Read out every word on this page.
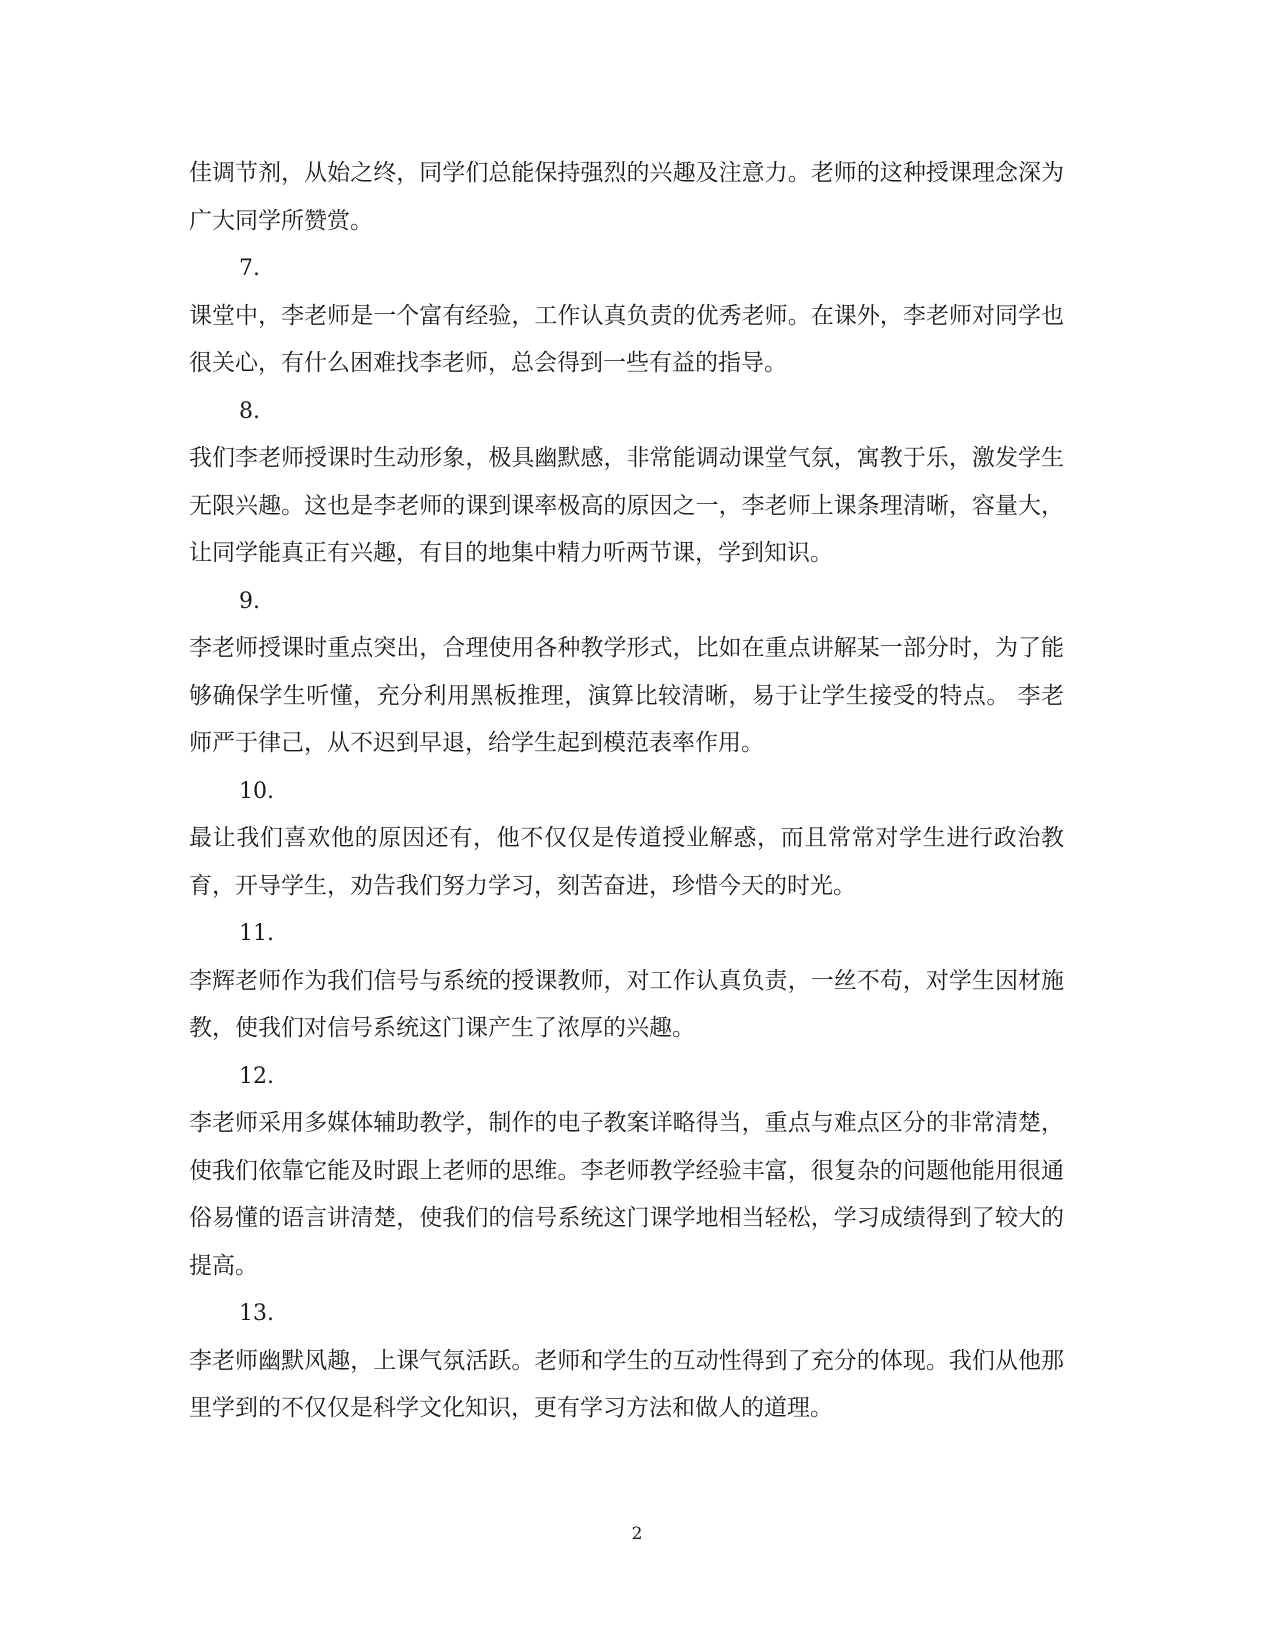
佳调节剂，从始之终，同学们总能保持强烈的兴趣及注意力。老师的这种授课理念深为广大同学所赞赏。

7.

课堂中，李老师是一个富有经验，工作认真负责的优秀老师。在课外，李老师对同学也很关心，有什么困难找李老师，总会得到一些有益的指导。

8.

我们李老师授课时生动形象，极具幽默感，非常能调动课堂气氛，寓教于乐，激发学生无限兴趣。这也是李老师的课到课率极高的原因之一，李老师上课条理清晰，容量大，让同学能真正有兴趣，有目的地集中精力听两节课，学到知识。

9.

李老师授课时重点突出，合理使用各种教学形式，比如在重点讲解某一部分时，为了能够确保学生听懂，充分利用黑板推理，演算比较清晰，易于让学生接受的特点。 李老师严于律己，从不迟到早退，给学生起到模范表率作用。

10.

最让我们喜欢他的原因还有，他不仅仅是传道授业解惑，而且常常对学生进行政治教育，开导学生，劝告我们努力学习，刻苦奋进，珍惜今天的时光。

11.

李辉老师作为我们信号与系统的授课教师，对工作认真负责，一丝不苟，对学生因材施教，使我们对信号系统这门课产生了浓厚的兴趣。

12.

李老师采用多媒体辅助教学，制作的电子教案详略得当，重点与难点区分的非常清楚，使我们依靠它能及时跟上老师的思维。李老师教学经验丰富，很复杂的问题他能用很通俗易懂的语言讲清楚，使我们的信号系统这门课学地相当轻松，学习成绩得到了较大的提高。

13.

李老师幽默风趣，上课气氛活跃。老师和学生的互动性得到了充分的体现。我们从他那里学到的不仅仅是科学文化知识，更有学习方法和做人的道理。

2
